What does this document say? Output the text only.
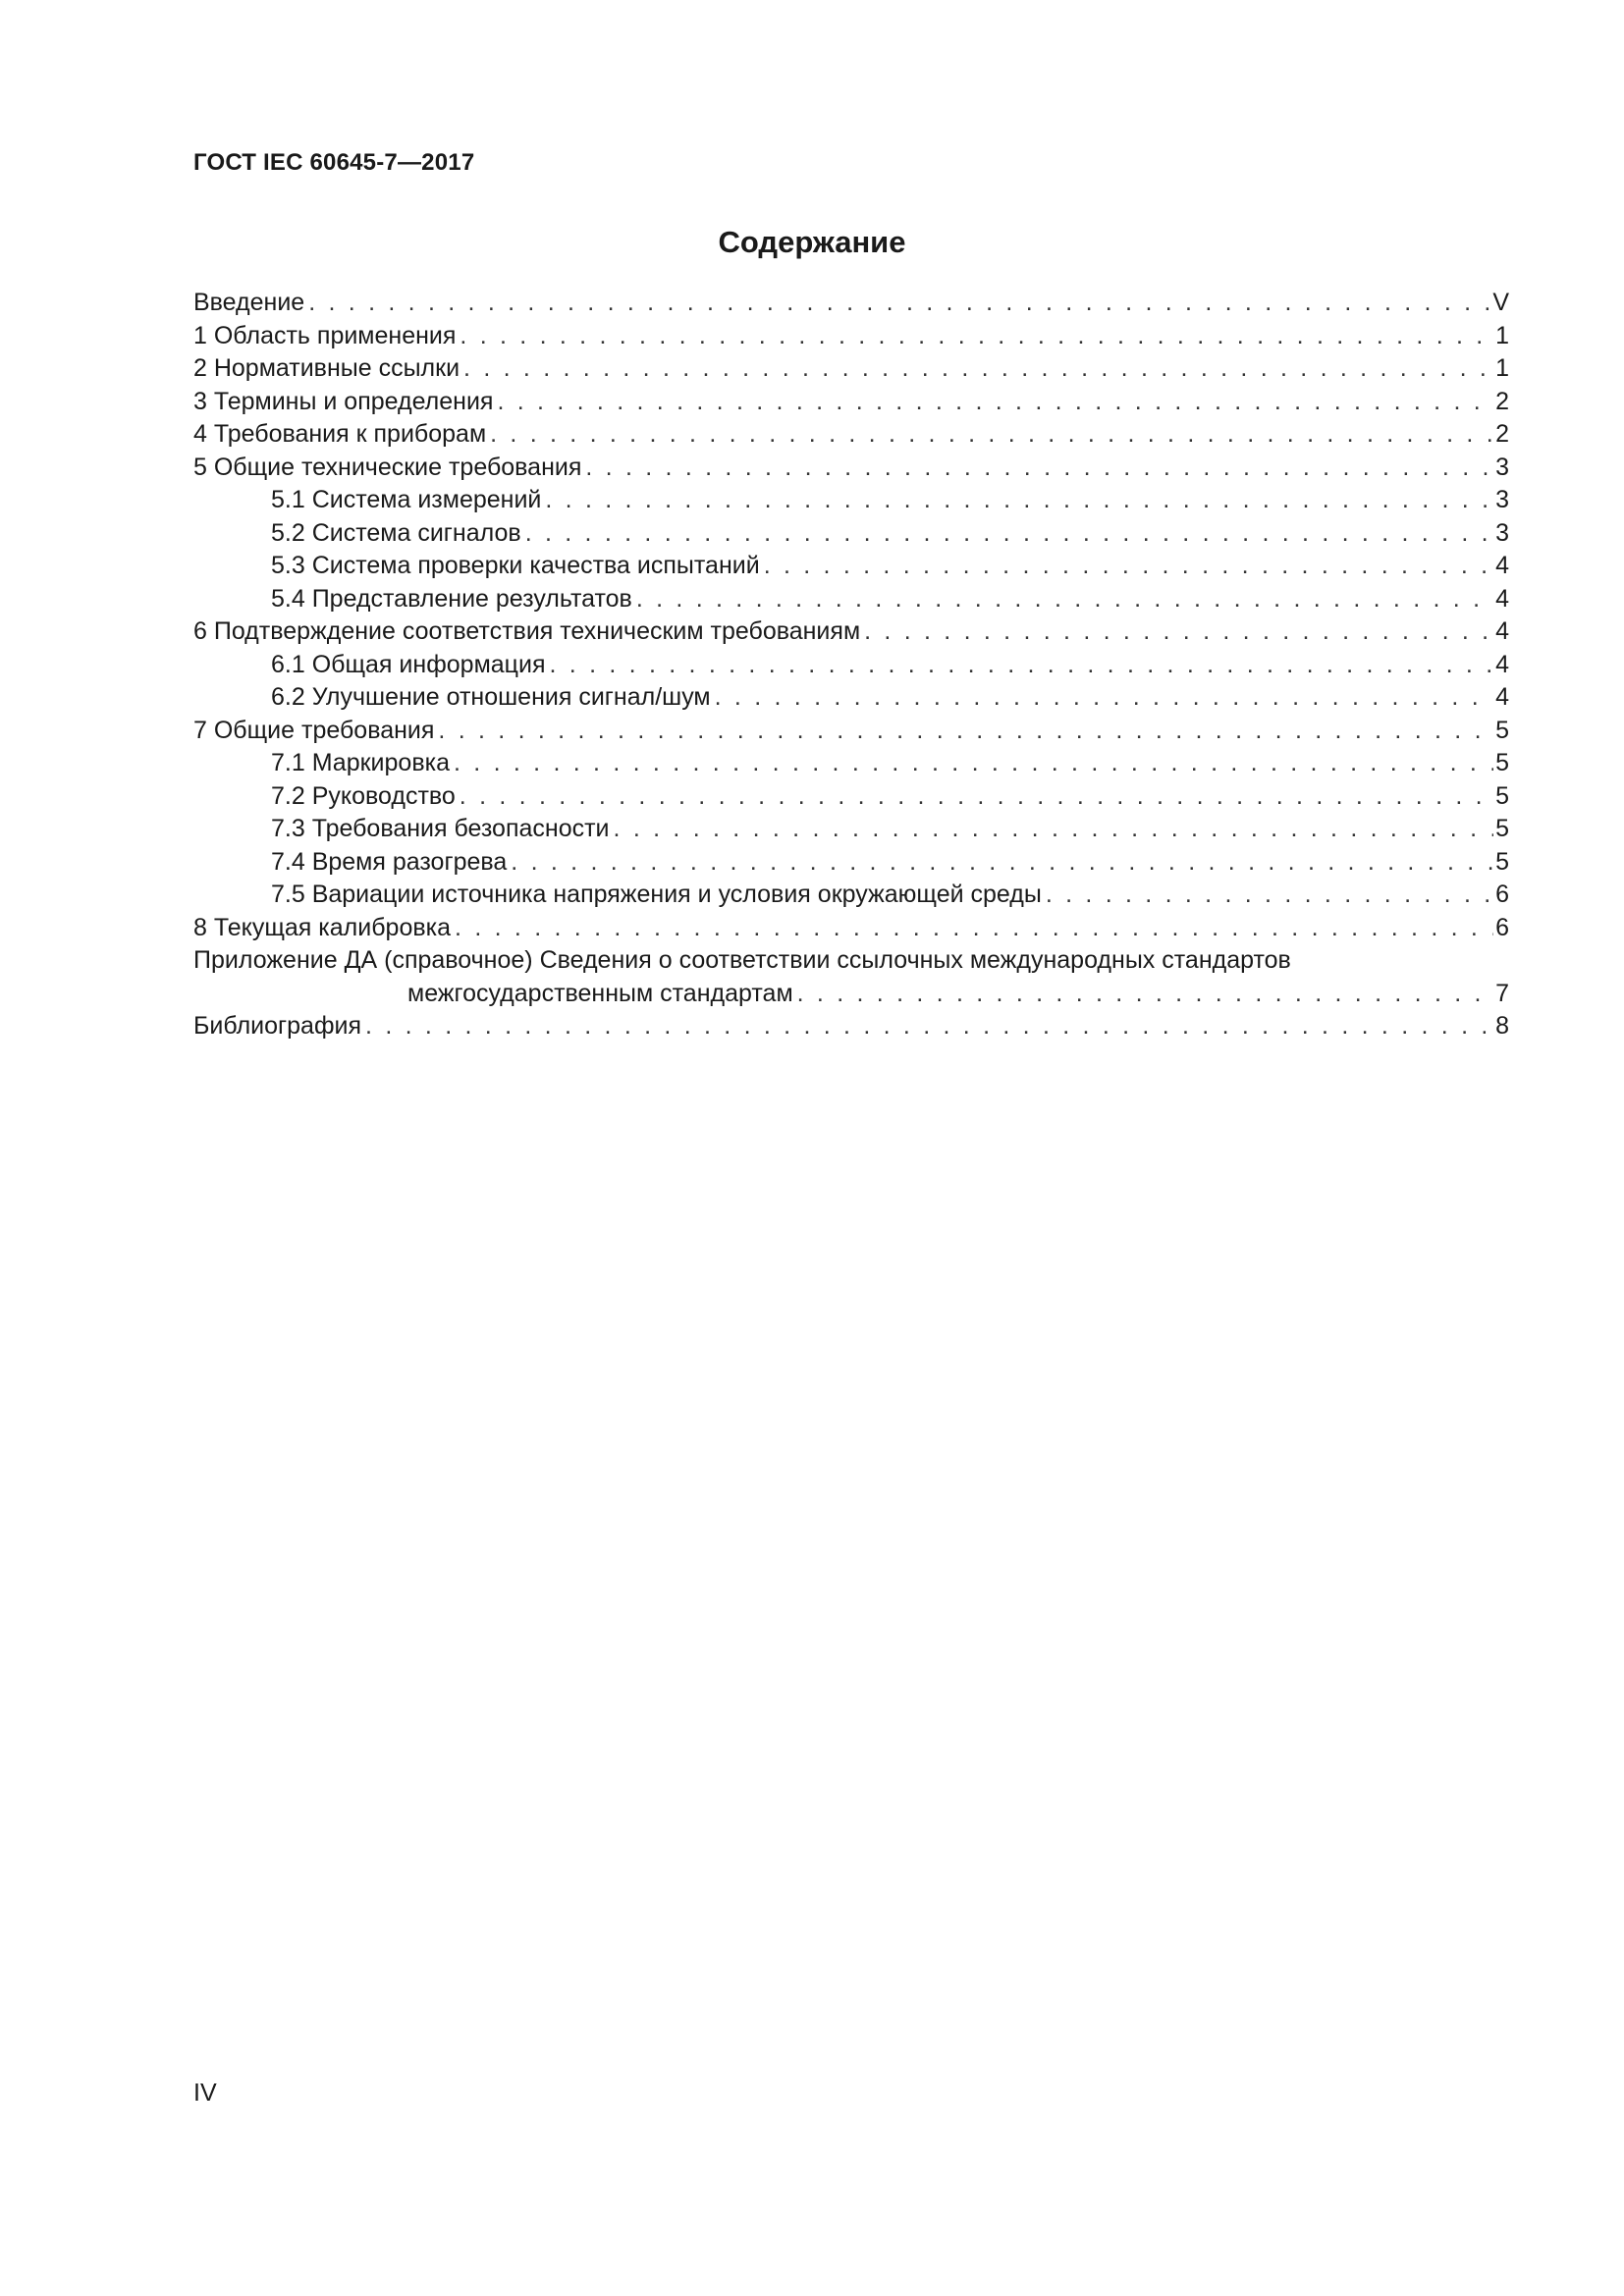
ГОСТ IEC 60645-7—2017
Содержание
Введение . . .	V
1 Область применения . . .	1
2 Нормативные ссылки . . .	1
3 Термины и определения . . .	2
4 Требования к приборам . . .	2
5 Общие технические требования . . .	3
5.1 Система измерений . . .	3
5.2 Система сигналов . . .	3
5.3 Система проверки качества испытаний . . .	4
5.4 Представление результатов . . .	4
6 Подтверждение соответствия техническим требованиям . . .	4
6.1 Общая информация . . .	4
6.2 Улучшение отношения сигнал/шум . . .	4
7 Общие требования . . .	5
7.1 Маркировка . . .	5
7.2 Руководство . . .	5
7.3 Требования безопасности . . .	5
7.4 Время разогрева . . .	5
7.5 Вариации источника напряжения и условия окружающей среды . . .	6
8 Текущая калибровка . . .	6
Приложение ДА (справочное) Сведения о соответствии ссылочных международных стандартов
межгосударственным стандартам . . .	7
Библиография . . .	8
IV
